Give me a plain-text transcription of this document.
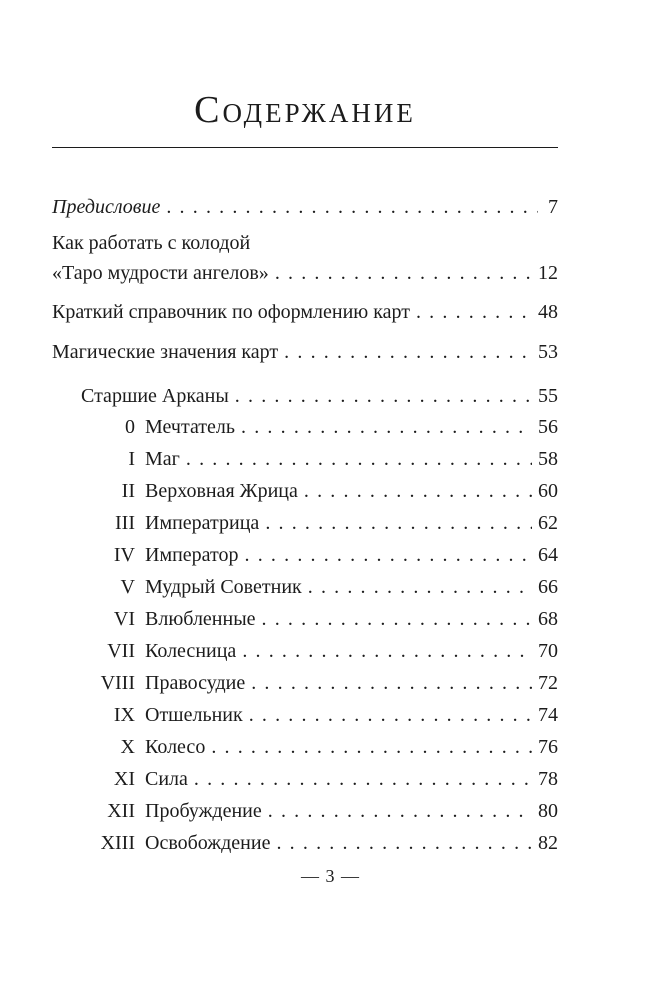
Содержание
Предисловие . . .	7
Как работать с колодой
«Таро мудрости ангелов» . . .	12
Краткий справочник по оформлению карт . . .	48
Магические значения карт . . .	53
Старшие Арканы . . .	55
0 Мечтатель . . .	56
I Маг . . .	58
II Верховная Жрица . . .	60
III Императрица . . .	62
IV Император . . .	64
V Мудрый Советник . . .	66
VI Влюбленные . . .	68
VII Колесница . . .	70
VIII Правосудие . . .	72
IX Отшельник . . .	74
X Колесо . . .	76
XI Сила . . .	78
XII Пробуждение . . .	80
XIII Освобождение . . .	82
— 3 —
